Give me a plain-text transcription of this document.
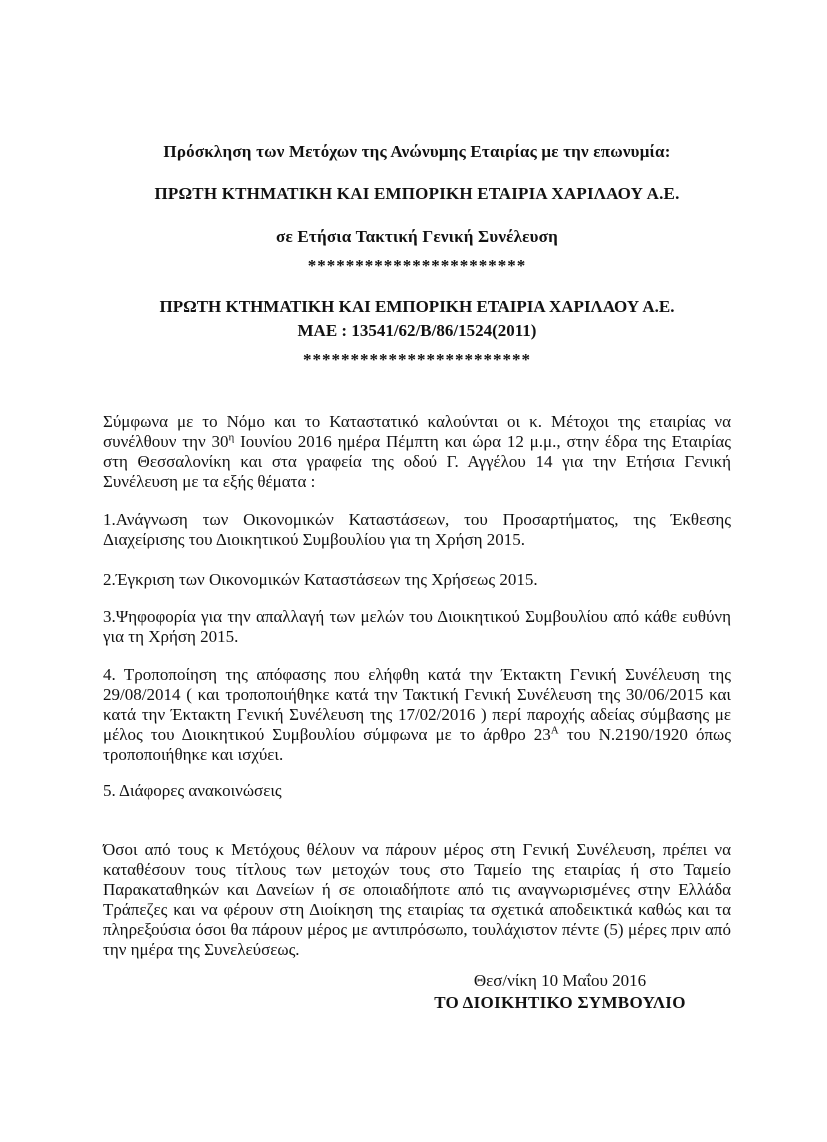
Πρόσκληση των Μετόχων της Ανώνυμης Εταιρίας με την επωνυμία:

ΠΡΩΤΗ ΚΤΗΜΑΤΙΚΗ ΚΑΙ ΕΜΠΟΡΙΚΗ ΕΤΑΙΡΙΑ ΧΑΡΙΛΑΟΥ Α.Ε.

σε Ετήσια Τακτική Γενική Συνέλευση

***********************

ΠΡΩΤΗ ΚΤΗΜΑΤΙΚΗ ΚΑΙ ΕΜΠΟΡΙΚΗ ΕΤΑΙΡΙΑ ΧΑΡΙΛΑΟΥ Α.Ε.
ΜΑΕ : 13541/62/Β/86/1524(2011)

************************

Σύμφωνα με το Νόμο και το Καταστατικό καλούνται οι κ. Μέτοχοι της εταιρίας να συνέλθουν την $30^\eta$ Ιουνίου 2016 ημέρα Πέμπτη και ώρα 12 μ.μ., στην έδρα της Εταιρίας στη Θεσσαλονίκη και στα γραφεία της οδού Γ. Αγγέλου 14 για την Ετήσια Γενική Συνέλευση με τα εξής θέματα :

1.Ανάγνωση των Οικονομικών Καταστάσεων, του Προσαρτήματος, της Έκθεσης Διαχείρισης του Διοικητικού Συμβουλίου για τη Χρήση 2015.

2.Έγκριση των Οικονομικών Καταστάσεων της Χρήσεως 2015.

3.Ψηφοφορία για την απαλλαγή των μελών του Διοικητικού Συμβουλίου από κάθε ευθύνη για τη Χρήση 2015.

4. Τροποποίηση της απόφασης που ελήφθη κατά την Έκτακτη Γενική Συνέλευση της 29/08/2014 ( και τροποποιήθηκε κατά την Τακτική Γενική Συνέλευση της 30/06/2015 και κατά την Έκτακτη Γενική Συνέλευση της 17/02/2016 ) περί παροχής αδείας σύμβασης με μέλος του Διοικητικού Συμβουλίου σύμφωνα με το άρθρο $23^A$ του Ν.2190/1920 όπως τροποποιήθηκε και ισχύει.

5. Διάφορες ανακοινώσεις

Όσοι από τους κ Μετόχους θέλουν να πάρουν μέρος στη Γενική Συνέλευση, πρέπει να καταθέσουν τους τίτλους των μετοχών τους στο Ταμείο της εταιρίας ή στο Ταμείο Παρακαταθηκών και Δανείων ή σε οποιαδήποτε από τις αναγνωρισμένες στην Ελλάδα Τράπεζες και να φέρουν στη Διοίκηση της εταιρίας τα σχετικά αποδεικτικά καθώς και τα πληρεξούσια όσοι θα πάρουν μέρος με αντιπρόσωπο, τουλάχιστον πέντε (5) μέρες πριν από την ημέρα της Συνελεύσεως.

Θεσ/νίκη 10 Μαΐου 2016

ΤΟ ΔΙΟΙΚΗΤΙΚΟ ΣΥΜΒΟΥΛΙΟ
